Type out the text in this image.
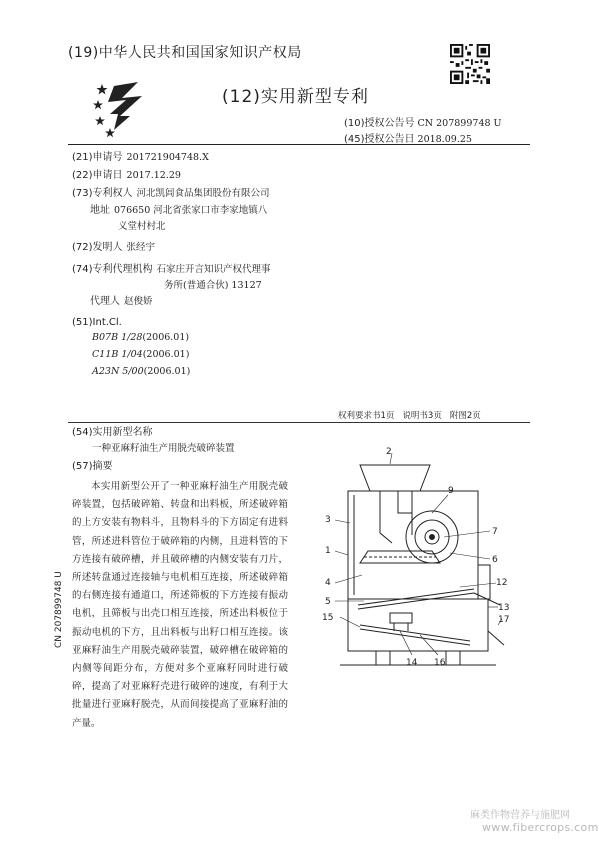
(19)中华人民共和国国家知识产权局
(12)实用新型专利
(10)授权公告号 CN 207899748 U
(45)授权公告日 2018.09.25
(21)申请号 201721904748.X
(22)申请日 2017.12.29
(73)专利权人 河北凯闾食品集团股份有限公司
地址 076650 河北省张家口市李家地镇八
义堂村村北
(72)发明人 张经宇
(74)专利代理机构 石家庄开言知识产权代理事
务所(普通合伙) 13127
代理人 赵俊娇
(51)Int.Cl.
B07B 1/28(2006.01)
C11B 1/04(2006.01)
A23N 5/00(2006.01)
权利要求书1页 说明书3页 附图2页
(54)实用新型名称
一种亚麻籽油生产用脱壳破碎装置
(57)摘要

本实用新型公开了一种亚麻籽油生产用脱壳破碎装置，包括破碎箱、转盘和出料板，所述破碎箱的上方安装有物料斗，且物料斗的下方固定有进料管，所述进料管位于破碎箱的内侧，且进料管的下方连接有破碎槽，并且破碎槽的内侧安装有刀片，所述转盘通过连接轴与电机相互连接，所述破碎箱的右侧连接有通道口，所述筛板的下方连接有振动电机，且筛板与出壳口相互连接，所述出料板位于振动电机的下方，且出料板与出籽口相互连接。该亚麻籽油生产用脱壳破碎装置，破碎槽在破碎箱的内侧等间距分布，方便对多个亚麻籽同时进行破碎，提高了对亚麻籽壳进行破碎的速度，有利于大批量进行亚麻籽脱壳，从而间接提高了亚麻籽油的产量。

2
9
3
7
1
6
4	12
5
13
15	17
14 16
CN 207899748 U
麻类作物营养与施肥网
www.fibercrops.com
